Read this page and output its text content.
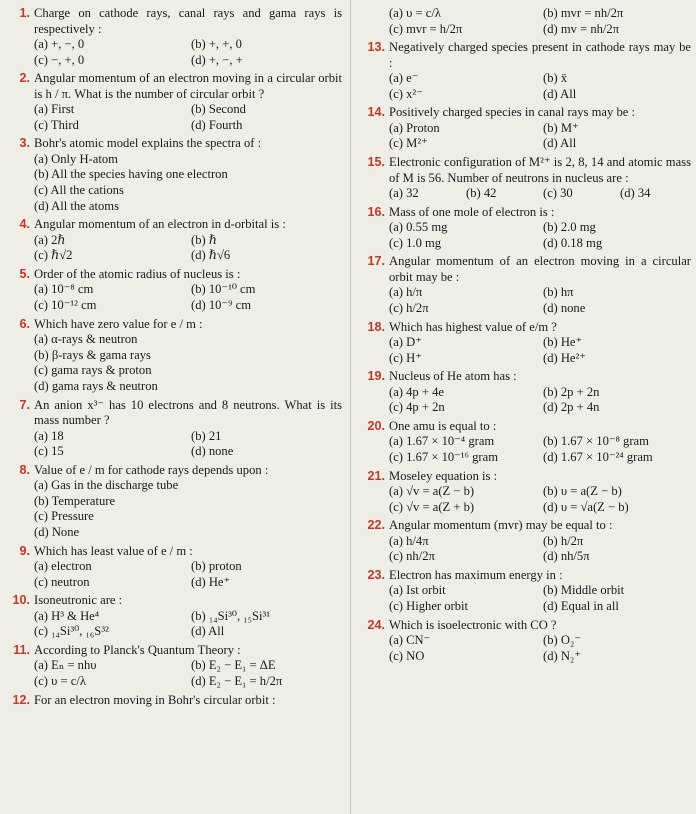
1. Charge on cathode rays, canal rays and gama rays is respectively :
(a) +, −, 0	(b) +, +, 0
(c) −, +, 0	(d) +, −, +
2. Angular momentum of an electron moving in a circular orbit is h / π. What is the number of circular orbit ?
(a) First	(b) Second
(c) Third	(d) Fourth
3. Bohr's atomic model explains the spectra of :
(a) Only H-atom
(b) All the species having one electron
(c) All the cations
(d) All the atoms
4. Angular momentum of an electron in d-orbital is :
(a) 2ℏ	(b) ℏ
(c) ℏ√2	(d) ℏ√6
5. Order of the atomic radius of nucleus is :
(a) 10⁻⁸ cm	(b) 10⁻¹⁰ cm
(c) 10⁻¹² cm	(d) 10⁻⁹ cm
6. Which have zero value for e / m :
(a) α-rays & neutron
(b) β-rays & gama rays
(c) gama rays & proton
(d) gama rays & neutron
7. An anion x³⁻ has 10 electrons and 8 neutrons. What is its mass number ?
(a) 18	(b) 21
(c) 15	(d) none
8. Value of e / m for cathode rays depends upon :
(a) Gas in the discharge tube
(b) Temperature
(c) Pressure
(d) None
9. Which has least value of e / m :
(a) electron	(b) proton
(c) neutron	(d) He⁺
10. Isoneutronic are :
(a) H³ & He⁴	(b) ₁₄Si³⁰, ₁₅Si³¹
(c) ₁₄Si³⁰, ₁₆S³²	(d) All
11. According to Planck's Quantum Theory :
(a) Eₙ = nhυ	(b) E₂ − E₁ = ΔE
(c) υ = c/λ	(d) E₂ − E₁ = h/2π
12. For an electron moving in Bohr's circular orbit :
(a) υ = c/λ	(b) mvr = nh/2π
(c) mvr = h/2π	(d) mv = nh/2π
13. Negatively charged species present in cathode rays may be :
(a) e⁻	(b) x̄
(c) x²⁻	(d) All
14. Positively charged species in canal rays may be :
(a) Proton	(b) M⁺
(c) M²⁺	(d) All
15. Electronic configuration of M²⁺ is 2, 8, 14 and atomic mass of M is 56. Number of neutrons in nucleus are :
(a) 32	(b) 42	(c) 30	(d) 34
16. Mass of one mole of electron is :
(a) 0.55 mg	(b) 2.0 mg
(c) 1.0 mg	(d) 0.18 mg
17. Angular momentum of an electron moving in a circular orbit may be :
(a) h/π	(b) hπ
(c) h/2π	(d) none
18. Which has highest value of e/m ?
(a) D⁺	(b) He⁺
(c) H⁺	(d) He²⁺
19. Nucleus of He atom has :
(a) 4p + 4e	(b) 2p + 2n
(c) 4p + 2n	(d) 2p + 4n
20. One amu is equal to :
(a) 1.67 × 10⁻⁴ gram	(b) 1.67 × 10⁻⁸ gram
(c) 1.67 × 10⁻¹⁶ gram	(d) 1.67 × 10⁻²⁴ gram
21. Moseley equation is :
(a) √v = a(Z − b)	(b) υ = a(Z − b)
(c) √v = a(Z + b)	(d) υ = √a(Z − b)
22. Angular momentum (mvr) may be equal to :
(a) h/4π	(b) h/2π
(c) nh/2π	(d) nh/5π
23. Electron has maximum energy in :
(a) Ist orbit	(b) Middle orbit
(c) Higher orbit	(d) Equal in all
24. Which is isoelectronic with CO ?
(a) CN⁻	(b) O₂⁻
(c) NO	(d) N₂⁺
